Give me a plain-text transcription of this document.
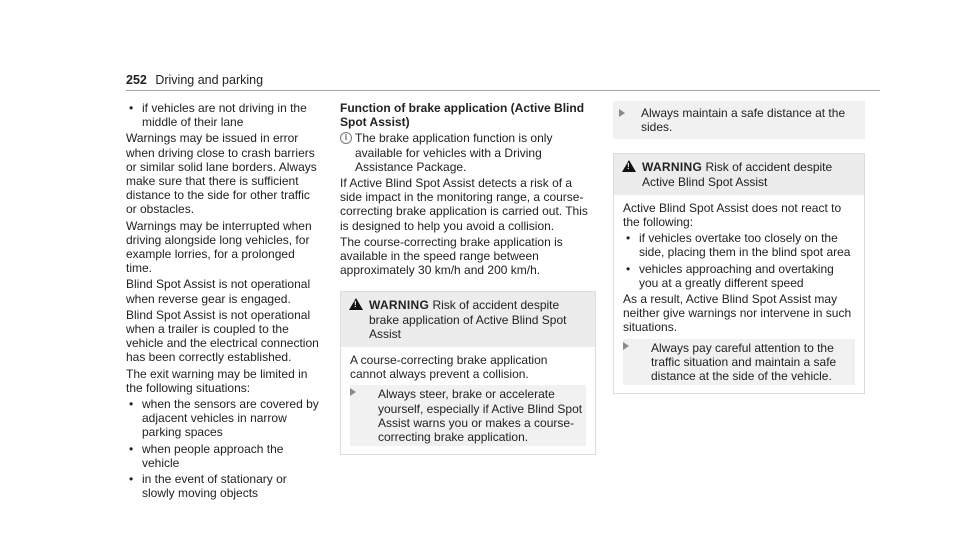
252 Driving and parking

• if vehicles are not driving in the middle of their lane

Warnings may be issued in error when driving close to crash barriers or similar solid lane borders. Always make sure that there is sufficient distance to the side for other traffic or obstacles.

Warnings may be interrupted when driving alongside long vehicles, for example lorries, for a prolonged time.

Blind Spot Assist is not operational when reverse gear is engaged.

Blind Spot Assist is not operational when a trailer is coupled to the vehicle and the electrical connection has been correctly established.

The exit warning may be limited in the following situations:

• when the sensors are covered by adjacent vehicles in narrow parking spaces

• when people approach the vehicle

• in the event of stationary or slowly moving objects

Function of brake application (Active Blind Spot Assist)

i The brake application function is only available for vehicles with a Driving Assistance Package.

If Active Blind Spot Assist detects a risk of a side impact in the monitoring range, a course-correcting brake application is carried out. This is designed to help you avoid a collision.

The course-correcting brake application is available in the speed range between approximately 30 km/h and 200 km/h.

! WARNING Risk of accident despite brake application of Active Blind Spot Assist

A course-correcting brake application cannot always prevent a collision.

Always steer, brake or accelerate yourself, especially if Active Blind Spot Assist warns you or makes a course-correcting brake application.
Always maintain a safe distance at the sides.
! WARNING Risk of accident despite Active Blind Spot Assist

Active Blind Spot Assist does not react to the following:

• if vehicles overtake too closely on the side, placing them in the blind spot area

• vehicles approaching and overtaking you at a greatly different speed

As a result, Active Blind Spot Assist may neither give warnings nor intervene in such situations.

Always pay careful attention to the traffic situation and maintain a safe distance at the side of the vehicle.
